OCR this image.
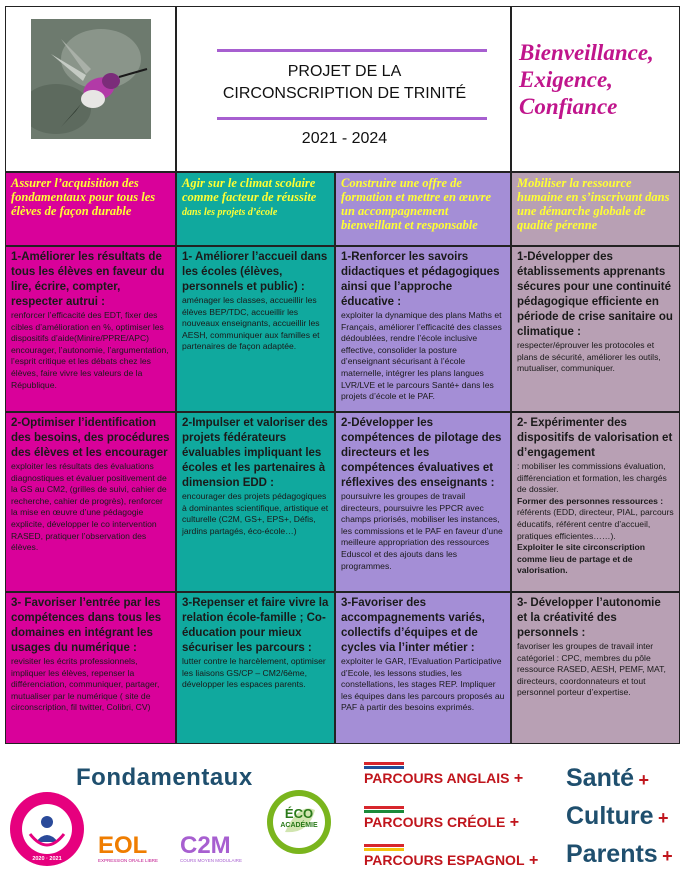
PROJET DE LA
CIRCONSCRIPTION DE TRINITÉ
2021 - 2024
Bienveillance,
Exigence,
Confiance
Assurer l’acquisition des fondamentaux pour tous les élèves de façon durable
Agir sur le climat scolaire comme facteur de réussite dans les projets d’école
Construire une offre de formation et mettre en œuvre un accompagnement bienveillant et responsable
Mobiliser la ressource humaine en s’inscrivant dans une démarche globale de qualité pérenne
1-Améliorer les résultats de tous les élèves en faveur du lire, écrire, compter, respecter autrui :
renforcer l’efficacité des EDT, fixer des cibles d’amélioration en %, optimiser les dispositifs d’aide(Minire/PPRE/APC) encourager, l’autonomie, l’argumentation, l’esprit critique et les débats chez les élèves, faire vivre les valeurs de la République.
1- Améliorer l’accueil dans les écoles (élèves, personnels et public) :
aménager les classes, accueillir les élèves BEP/TDC, accueillir les nouveaux enseignants, accueillir les AESH, communiquer aux familles et partenaires de façon adaptée.
1-Renforcer les savoirs didactiques et pédagogiques ainsi que l’approche éducative :
exploiter la dynamique des plans Maths et Français, améliorer l’efficacité des classes dédoublées, rendre l’école inclusive effective, consolider la posture d’enseignant sécurisant à l’école maternelle, intégrer les plans langues LVR/LVE et le parcours Santé+ dans les projets d’école et le PAF.
1-Développer des établissements apprenants sécures pour une continuité pédagogique efficiente en période de crise sanitaire ou climatique :
respecter/éprouver les protocoles et plans de sécurité, améliorer les outils, mutualiser, communiquer.
2-Optimiser l’identification des besoins, des procédures des élèves et les encourager
exploiter les résultats des évaluations diagnostiques et évaluer positivement de la GS au CM2, (grilles de suivi, cahier de recherche, cahier de progrès), renforcer la mise en œuvre d’une pédagogie explicite, développer le co intervention RASED, pratiquer l’observation des élèves.
2-Impulser et valoriser des projets fédérateurs évaluables impliquant les écoles et les partenaires à dimension EDD :
encourager des projets pédagogiques à dominantes scientifique, artistique et culturelle (C2M, GS+, EPS+, Défis, jardins partagés, éco-école…)
2-Développer les compétences de pilotage des directeurs et les compétences évaluatives et réflexives des enseignants :
poursuivre les groupes de travail directeurs, poursuivre les PPCR avec champs priorisés, mobiliser les instances, les commissions et le PAF en faveur d’une meilleure appropriation des ressources Eduscol et des ajouts dans les programmes.
2- Expérimenter des dispositifs de valorisation et d’engagement
: mobiliser les commissions évaluation, différenciation et formation, les chargés de dossier.
Former des personnes ressources : référents (EDD, directeur, PIAL, parcours éducatifs, référent centre d’accueil, pratiques efficientes……).
Exploiter le site circonscription comme lieu de partage et de valorisation.
3- Favoriser l’entrée par les compétences dans tous les domaines en intégrant les usages du numérique :
revisiter les écrits professionnels, impliquer les élèves, repenser la différenciation, communiquer, partager, mutualiser par le numérique ( site de circonscription, fil twitter, Colibri, CV)
3-Repenser et faire vivre la relation école-famille ; Co-éducation pour mieux sécuriser les parcours :
lutter contre le harcèlement, optimiser les liaisons GS/CP – CM2/6ème, développer les espaces parents.
3-Favoriser des accompagnements variés, collectifs d’équipes et de cycles via l’inter métier :
exploiter le GAR, l’Evaluation Participative d’Ecole, les lessons studies, les constellations, les stages REP. Impliquer les équipes dans les parcours proposés au PAF à partir des besoins exprimés.
3- Développer l’autonomie et la créativité des personnels :
favoriser les groupes de travail inter catégoriel : CPC, membres du pôle ressource RASED, AESH, PEMF, MAT, directeurs, coordonnateurs et tout personnel porteur d’expertise.
Fondamentaux
MISE À NIVEAU RENFORCÉE
2020 · 2021	EOL
EXPRESSION ORALE LIBRE
C2M
COURS MOYEN MODULAIRE
ÉCO
ACADÉMIE
PARCOURS ANGLAIS +
PARCOURS CRÉOLE +
PARCOURS ESPAGNOL +
Santé +
Culture +
Parents +
